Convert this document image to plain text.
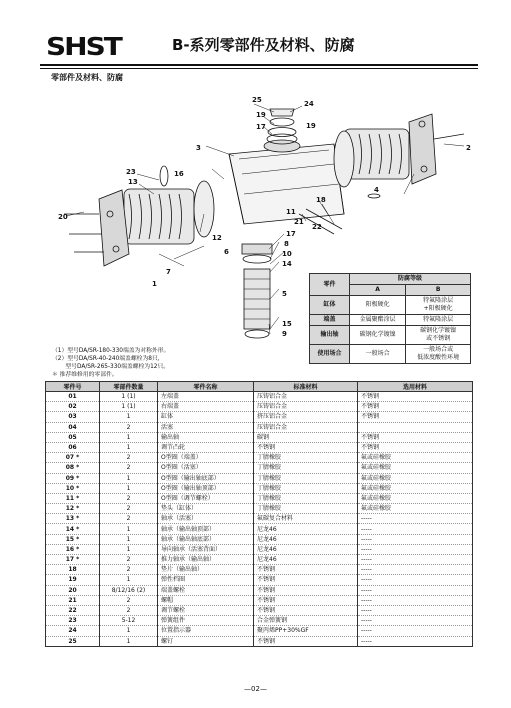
SHST	B-系列零部件及材料、防腐
零部件及材料、防腐
25	24
19
19
17
3
16
13
23
20
12
6
7
1
2
4
18
11
21
22
17
8
10
14
5
15
9
零件	防腐等级	
	A	B
缸体	阳极硬化	特氟隆涂层
+阳极硬化
端盖	金属聚酯涂层	特氟隆涂层
输出轴	碳钢化学镀镍	碳钢化学镀镍
或不锈钢
使用场合	一般场合	一般场合或
低浓度酸性环境
（1）型号DA/SR-180-330端盖为对称外形。
（2）型号DA/SR-40-240端盖螺栓为8只，
　　 型号DA/SR-265-330端盖螺栓为12只。
＊ 推荐维修用的零部件。
零件号	零部件数量	零件名称	标准材料	选用材料
01	1 (1)	左端盖	压铸铝合金	不锈钢
02	1 (1)	右端盖	压铸铝合金	不锈钢
03	1	缸体	挤压铝合金	不锈钢
04	2	活塞	压铸铝合金	
05	1	输出轴	碳钢	不锈钢
06	1	调节凸轮	不锈钢	不锈钢
07 *	2	O型圈（端盖）	丁腈橡胶	氟或硅橡胶
08 *	2	O型圈（活塞）	丁腈橡胶	氟或硅橡胶
09 *	1	O型圈（输出轴底部）	丁腈橡胶	氟或硅橡胶
10 *	1	O型圈（输出轴顶部）	丁腈橡胶	氟或硅橡胶
11 *	2	O型圈（调节螺栓）	丁腈橡胶	氟或硅橡胶
12 *	2	垫头（缸体）	丁腈橡胶	氟或硅橡胶
13 *	2	轴承（活塞）	氟碳复合材料	-----
14 *	1	轴承（输出轴顶部）	尼龙46	-----
15 *	1	轴承（输出轴底部）	尼龙46	-----
16 *	1	导向轴承（活塞背面）	尼龙46	-----
17 *	2	推力轴承（输出轴）	尼龙46	-----
18	2	垫片（输出轴）	不锈钢	-----
19	1	弹性档圈	不锈钢	-----
20	8/12/16 (2)	端盖螺栓	不锈钢	-----
21	2	螺帽	不锈钢	-----
22	2	调节螺栓	不锈钢	-----
23	5-12	弹簧组件	合金弹簧钢	-----
24	1	位置指示器	聚丙烯PP+30%GF	-----
25	1	螺钉	不锈钢	-----
—02—
